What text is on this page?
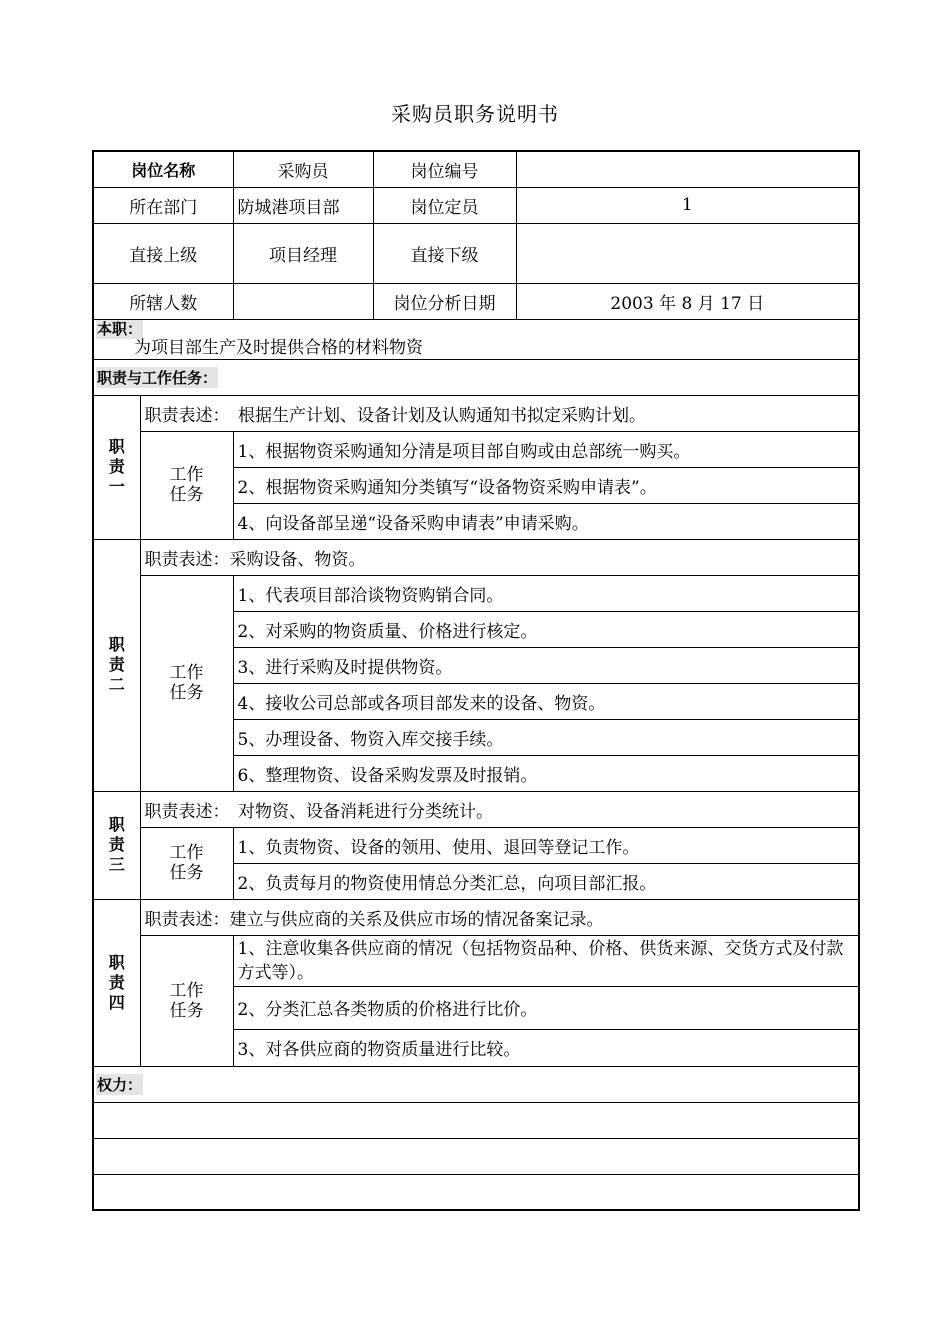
采购员职务说明书
岗位名称		采购员	岗位编号	
所在部门		防城港项目部	岗位定员	1
直接上级		项目经理	直接下级	
所辖人数			岗位分析日期	2003 年 8 月 17 日

本职：
为项目部生产及时提供合格的材料物资				

职责与工作任务：				
职责一	职责表述：　根据生产计划、设备计划及认购通知书拟定采购计划。			
	工作任务	1、根据物资采购通知分清是项目部自购或由总部统一购买。		
		2、根据物资采购通知分类镇写“设备物资采购申请表”。		
		4、向设备部呈递“设备采购申请表”申请采购。		
职责二	职责表述：采购设备、物资。			
	工作任务	1、代表项目部洽谈物资购销合同。		
		2、对采购的物资质量、价格进行核定。		
		3、进行采购及时提供物资。		
		4、接收公司总部或各项目部发来的设备、物资。		
		5、办理设备、物资入库交接手续。		
		6、整理物资、设备采购发票及时报销。		
职责三	职责表述：　对物资、设备消耗进行分类统计。			
	工作任务	1、负责物资、设备的领用、使用、退回等登记工作。		
		2、负责每月的物资使用情总分类汇总，向项目部汇报。		
职责四	职责表述：建立与供应商的关系及供应市场的情况备案记录。			
	工作任务	1、注意收集各供应商的情况（包括物资品种、价格、供货来源、交货方式及付款方式等）。		
		2、分类汇总各类物质的价格进行比价。		
		3、对各供应商的物资质量进行比较。		
权力：				
